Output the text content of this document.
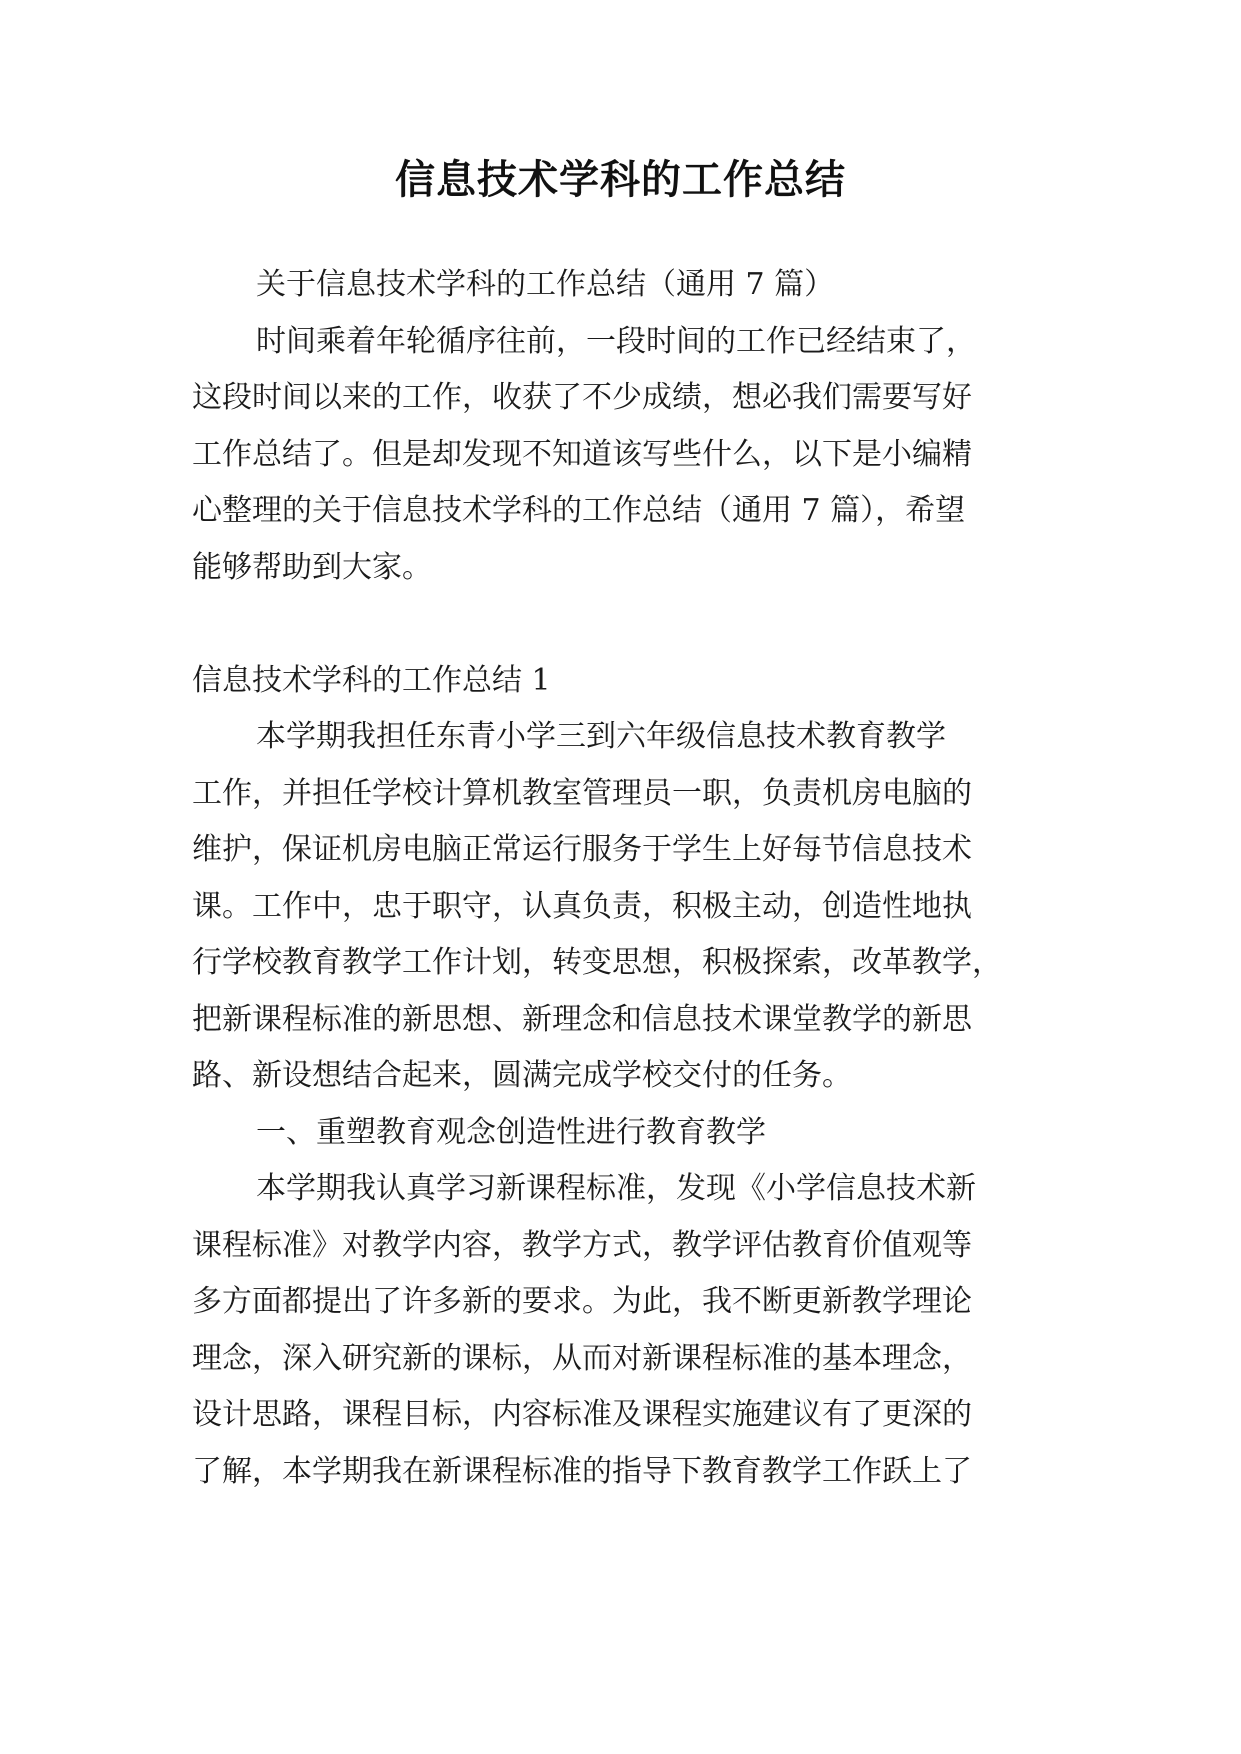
信息技术学科的工作总结
关于信息技术学科的工作总结（通用 7 篇）
时间乘着年轮循序往前，一段时间的工作已经结束了，
这段时间以来的工作，收获了不少成绩，想必我们需要写好
工作总结了。但是却发现不知道该写些什么，以下是小编精
心整理的关于信息技术学科的工作总结（通用 7 篇），希望
能够帮助到大家。
信息技术学科的工作总结 1
本学期我担任东青小学三到六年级信息技术教育教学
工作，并担任学校计算机教室管理员一职，负责机房电脑的
维护，保证机房电脑正常运行服务于学生上好每节信息技术
课。工作中，忠于职守，认真负责，积极主动，创造性地执
行学校教育教学工作计划，转变思想，积极探索，改革教学，
把新课程标准的新思想、新理念和信息技术课堂教学的新思
路、新设想结合起来，圆满完成学校交付的任务。
一、重塑教育观念创造性进行教育教学
本学期我认真学习新课程标准，发现《小学信息技术新
课程标准》对教学内容，教学方式，教学评估教育价值观等
多方面都提出了许多新的要求。为此，我不断更新教学理论
理念，深入研究新的课标，从而对新课程标准的基本理念，
设计思路，课程目标，内容标准及课程实施建议有了更深的
了解，本学期我在新课程标准的指导下教育教学工作跃上了
